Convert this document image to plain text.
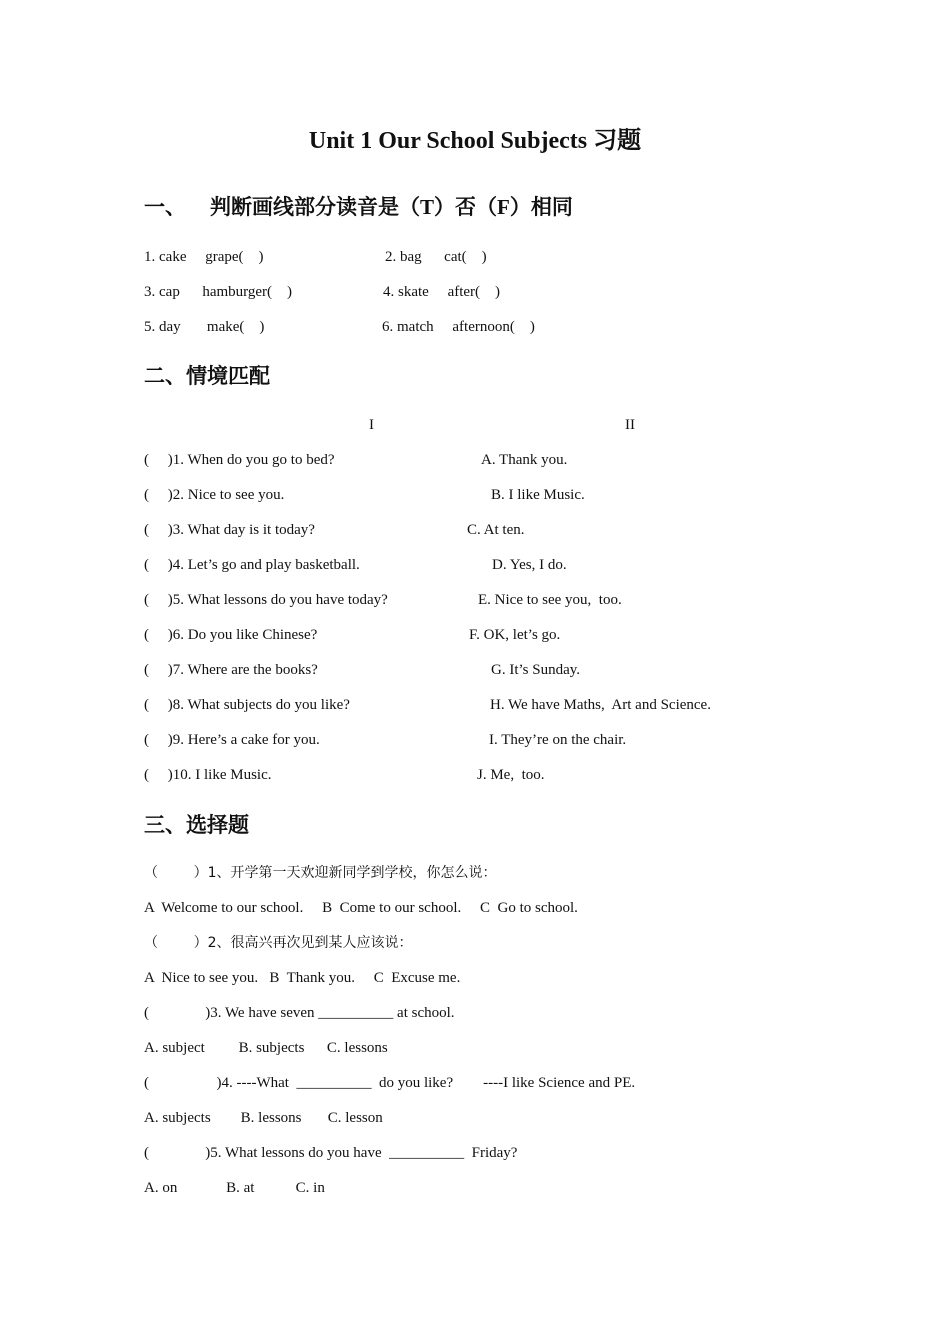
Unit 1 Our School Subjects 习题
一、 判断画线部分读音是（T）否（F）相同
1. cake     grape(    )	2. bag      cat(    )
3. cap      hamburger(    )	4. skate     after(    )
5. day       make(    )	6. match     afternoon(    )
二、情境匹配
I	II
(     )1. When do you go to bed?	A. Thank you.
(     )2. Nice to see you.	B. I like Music.
(     )3. What day is it today?	C. At ten.
(     )4. Let’s go and play basketball.	D. Yes, I do.
(     )5. What lessons do you have today?	E. Nice to see you,  too.
(     )6. Do you like Chinese?	F. OK, let’s go.
(     )7. Where are the books?	G. It’s Sunday.
(     )8. What subjects do you like?	H. We have Maths,  Art and Science.
(     )9. Here’s a cake for you.	I. They’re on the chair.
(     )10. I like Music.	J. Me,  too.
三、选择题
（        ）1、开学第一天欢迎新同学到学校，你怎么说：
A  Welcome to our school.     B  Come to our school.     C  Go to school.
（        ）2、很高兴再次见到某人应该说：
A  Nice to see you.   B  Thank you.     C  Excuse me.
(               )3. We have seven __________ at school.
A. subject         B. subjects      C. lessons
(                  )4. ----What  __________  do you like?        ----I like Science and PE.
A. subjects        B. lessons       C. lesson
(               )5. What lessons do you have  __________  Friday?
A. on             B. at           C. in
